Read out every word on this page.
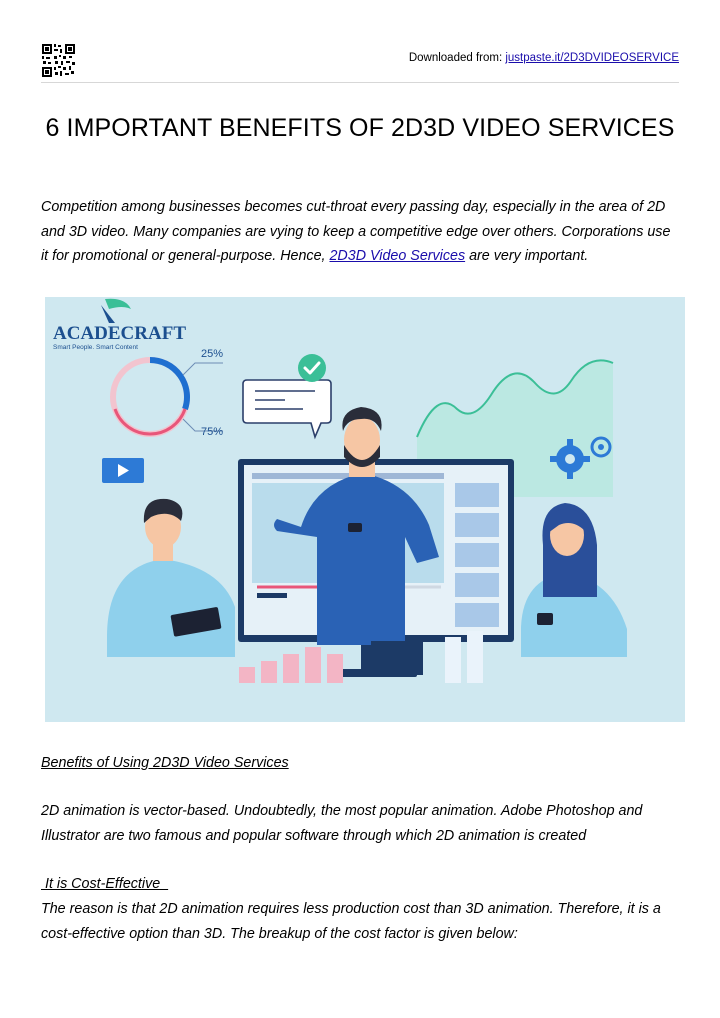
Downloaded from: justpaste.it/2D3DVIDEOSERVICE
6 IMPORTANT BENEFITS OF 2D3D VIDEO SERVICES

Competition among businesses becomes cut-throat every passing day, especially in the area of 2D and 3D video. Many companies are vying to keep a competitive edge over others. Corporations use it for promotional or general-purpose. Hence, 2D3D Video Services are very important.

ACADECRAFT
Smart People. Smart Content
25%
75%

Benefits of Using 2D3D Video Services

2D animation is vector-based. Undoubtedly, the most popular animation. Adobe Photoshop and Illustrator are two famous and popular software through which 2D animation is created

It is Cost-Effective

The reason is that 2D animation requires less production cost than 3D animation. Therefore, it is a cost-effective option than 3D. The breakup of the cost factor is given below:
